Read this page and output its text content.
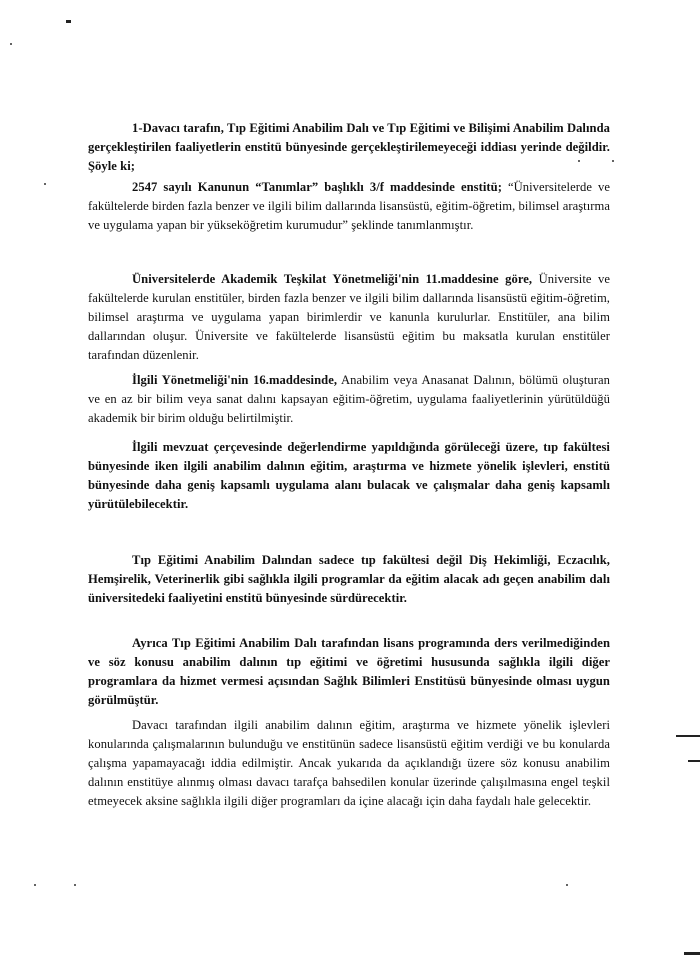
1-Davacı tarafın, Tıp Eğitimi Anabilim Dalı ve Tıp Eğitimi ve Bilişimi Anabilim Dalında gerçekleştirilen faaliyetlerin enstitü bünyesinde gerçekleştirilemeyeceği iddiası yerinde değildir. Şöyle ki;
2547 sayılı Kanunun “Tanımlar” başlıklı 3/f maddesinde enstitü; “Üniversitelerde ve fakültelerde birden fazla benzer ve ilgili bilim dallarında lisansüstü, eğitim-öğretim, bilimsel araştırma ve uygulama yapan bir yükseköğretim kurumudur” şeklinde tanımlanmıştır.
Üniversitelerde Akademik Teşkilat Yönetmeliği'nin 11.maddesine göre, Üniversite ve fakültelerde kurulan enstitüler, birden fazla benzer ve ilgili bilim dallarında lisansüstü eğitim-öğretim, bilimsel araştırma ve uygulama yapan birimlerdir ve kanunla kurulurlar. Enstitüler, ana bilim dallarından oluşur. Üniversite ve fakültelerde lisansüstü eğitim bu maksatla kurulan enstitüler tarafından düzenlenir.
İlgili Yönetmeliği'nin 16.maddesinde, Anabilim veya Anasanat Dalının, bölümü oluşturan ve en az bir bilim veya sanat dalını kapsayan eğitim-öğretim, uygulama faaliyetlerinin yürütüldüğü akademik bir birim olduğu belirtilmiştir.
İlgili mevzuat çerçevesinde değerlendirme yapıldığında görüleceği üzere, tıp fakültesi bünyesinde iken ilgili anabilim dalının eğitim, araştırma ve hizmete yönelik işlevleri, enstitü bünyesinde daha geniş kapsamlı uygulama alanı bulacak ve çalışmalar daha geniş kapsamlı yürütülebilecektir.
Tıp Eğitimi Anabilim Dalından sadece tıp fakültesi değil Diş Hekimliği, Eczacılık, Hemşirelik, Veterinerlik gibi sağlıkla ilgili programlar da eğitim alacak adı geçen anabilim dalı üniversitedeki faaliyetini enstitü bünyesinde sürdürecektir.
Ayrıca Tıp Eğitimi Anabilim Dalı tarafından lisans programında ders verilmediğinden ve söz konusu anabilim dalının tıp eğitimi ve öğretimi hususunda sağlıkla ilgili diğer programlara da hizmet vermesi açısından Sağlık Bilimleri Enstitüsü bünyesinde olması uygun görülmüştür.
Davacı tarafından ilgili anabilim dalının eğitim, araştırma ve hizmete yönelik işlevleri konularında çalışmalarının bulunduğu ve enstitünün sadece lisansüstü eğitim verdiği ve bu konularda çalışma yapamayacağı iddia edilmiştir. Ancak yukarıda da açıklandığı üzere söz konusu anabilim dalının enstitüye alınmış olması davacı tarafça bahsedilen konular üzerinde çalışılmasına engel teşkil etmeyecek aksine sağlıkla ilgili diğer programları da içine alacağı için daha faydalı hale gelecektir.
